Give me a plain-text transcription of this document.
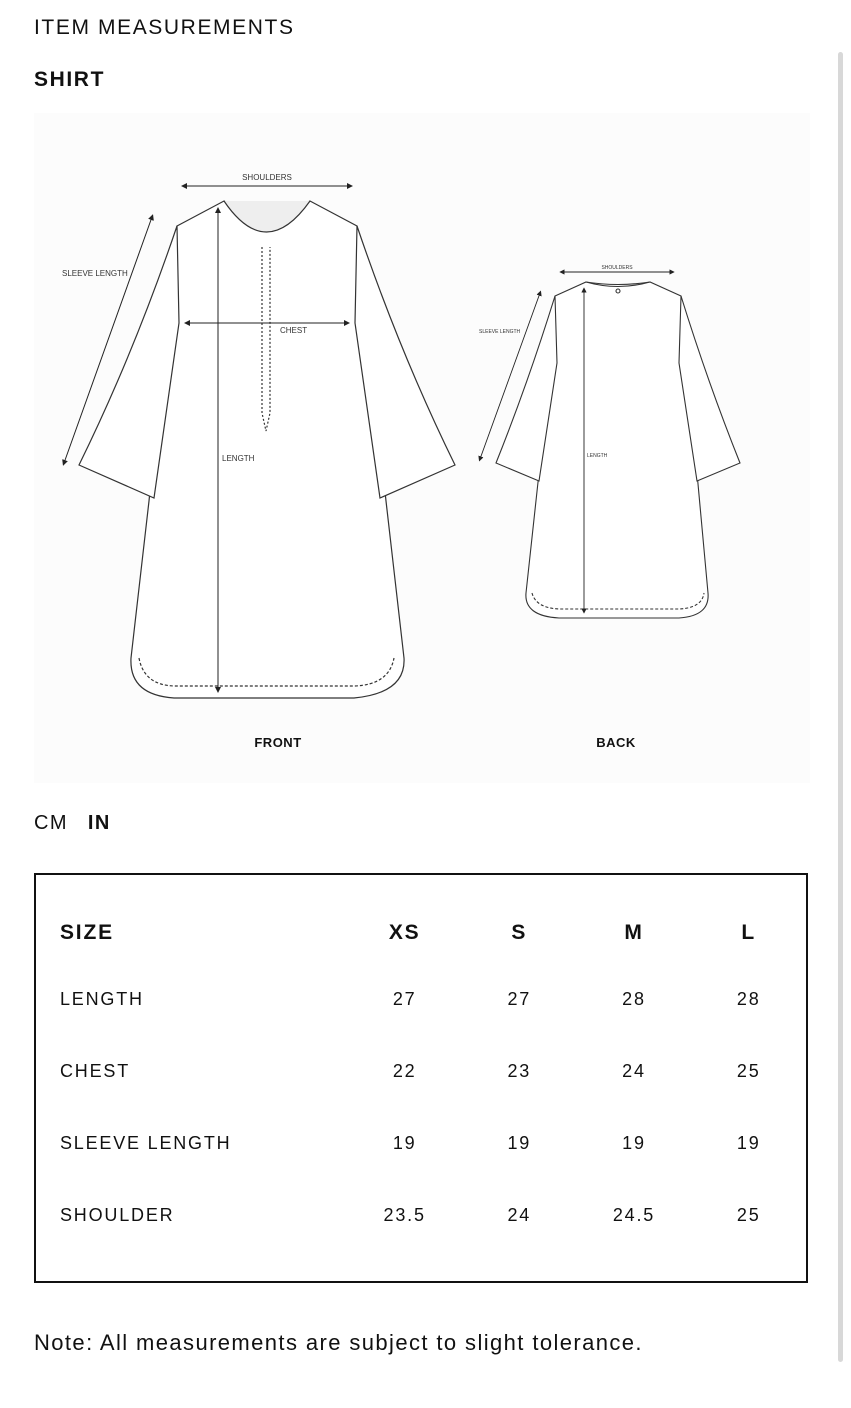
ITEM MEASUREMENTS
SHIRT
SHOULDERS
SLEEVE LENGTH
CHEST
LENGTH
FRONT
SHOULDERS
SLEEVE LENGTH
LENGTH
BACK
CM IN
SIZE	XS	S	M	L
LENGTH	27	27	28	28
CHEST	22	23	24	25
SLEEVE LENGTH	19	19	19	19
SHOULDER	23.5	24	24.5	25
Note: All measurements are subject to slight tolerance.
